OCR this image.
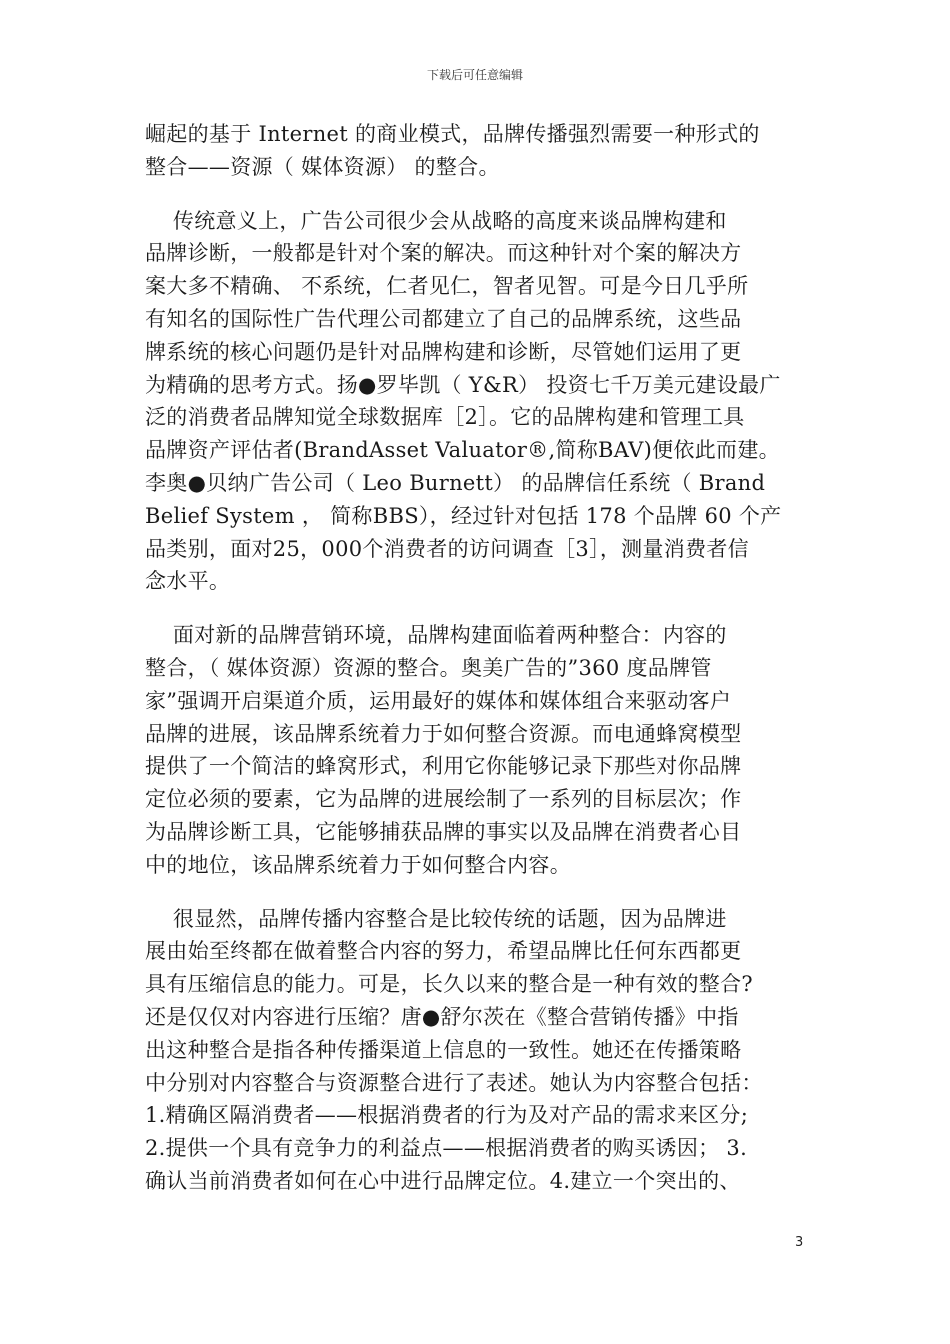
下载后可任意编辑
崛起的基于 Internet 的商业模式，品牌传播强烈需要一种形式的
整合——资源（ 媒体资源） 的整合。
传统意义上，广告公司很少会从战略的高度来谈品牌构建和
品牌诊断，一般都是针对个案的解决。而这种针对个案的解决方
案大多不精确、 不系统，仁者见仁，智者见智。可是今日几乎所
有知名的国际性广告代理公司都建立了自己的品牌系统，这些品
牌系统的核心问题仍是针对品牌构建和诊断，尽管她们运用了更
为精确的思考方式。扬●罗毕凯（ Y&R） 投资七千万美元建设最广
泛的消费者品牌知觉全球数据库［2］。它的品牌构建和管理工具
品牌资产评估者(BrandAsset Valuator®,简称BAV)便依此而建。
李奥●贝纳广告公司（ Leo Burnett） 的品牌信任系统（ Brand
Belief System ， 简称BBS），经过针对包括 178 个品牌 60 个产
品类别，面对25，000个消费者的访问调查［3］，测量消费者信
念水平。
面对新的品牌营销环境，品牌构建面临着两种整合：内容的
整合，（ 媒体资源）资源的整合。奥美广告的”360 度品牌管
家”强调开启渠道介质，运用最好的媒体和媒体组合来驱动客户
品牌的进展，该品牌系统着力于如何整合资源。而电通蜂窝模型
提供了一个简洁的蜂窝形式，利用它你能够记录下那些对你品牌
定位必须的要素，它为品牌的进展绘制了一系列的目标层次；作
为品牌诊断工具，它能够捕获品牌的事实以及品牌在消费者心目
中的地位，该品牌系统着力于如何整合内容。
很显然，品牌传播内容整合是比较传统的话题，因为品牌进
展由始至终都在做着整合内容的努力，希望品牌比任何东西都更
具有压缩信息的能力。可是，长久以来的整合是一种有效的整合?
还是仅仅对内容进行压缩？唐●舒尔茨在《整合营销传播》中指
出这种整合是指各种传播渠道上信息的一致性。她还在传播策略
中分别对内容整合与资源整合进行了表述。她认为内容整合包括：
1.精确区隔消费者——根据消费者的行为及对产品的需求来区分;
2.提供一个具有竞争力的利益点——根据消费者的购买诱因； 3.
确认当前消费者如何在心中进行品牌定位。4.建立一个突出的、
3
